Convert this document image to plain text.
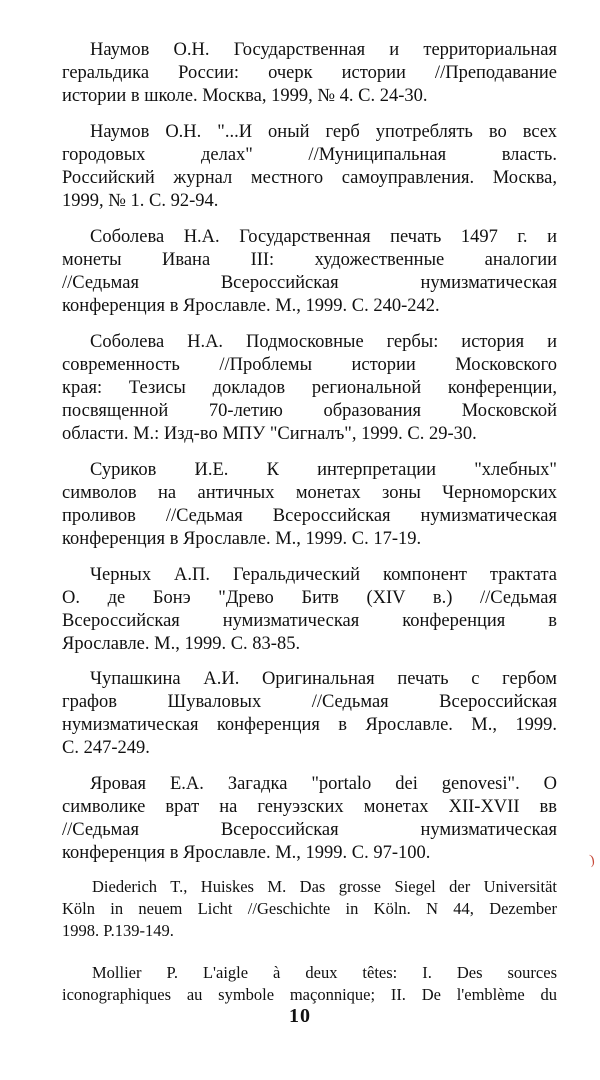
Наумов О.Н. Государственная и территориальная
геральдика России: очерк истории //Преподавание
истории в школе. Москва, 1999, № 4. С. 24-30.
Наумов О.Н. "...И оный герб употреблять во всех
городовых делах" //Муниципальная власть.
Российский журнал местного самоуправления. Москва,
1999, № 1. С. 92-94.
Соболева Н.А. Государственная печать 1497 г. и
монеты Ивана III: художественные аналогии
//Седьмая Всероссийская нумизматическая
конференция в Ярославле. М., 1999. С. 240-242.
Соболева Н.А. Подмосковные гербы: история и
современность //Проблемы истории Московского
края: Тезисы докладов региональной конференции,
посвященной 70-летию образования Московской
области. М.: Изд-во МПУ "Сигналъ", 1999. С. 29-30.
Суриков И.Е. К интерпретации "хлебных"
символов на античных монетах зоны Черноморских
проливов //Седьмая Всероссийская нумизматическая
конференция в Ярославле. М., 1999. С. 17-19.
Черных А.П. Геральдический компонент трактата
О. де Бонэ "Древо Битв (XIV в.) //Седьмая
Всероссийская нумизматическая конференция в
Ярославле. М., 1999. С. 83-85.
Чупашкина А.И. Оригинальная печать с гербом
графов Шуваловых //Седьмая Всероссийская
нумизматическая конференция в Ярославле. М., 1999.
С. 247-249.
Яровая Е.А. Загадка "portalo dei genovesi". О
символике врат на генуэзских монетах XII-XVII вв
//Седьмая Всероссийская нумизматическая
конференция в Ярославле. М., 1999. С. 97-100.
Diederich T., Huiskes M. Das grosse Siegel der Universität
Köln in neuem Licht //Geschichte in Köln. N 44, Dezember
1998. P.139-149.
Mollier P. L'aigle à deux têtes: I. Des sources
iconographiques au symbole maçonnique; II. De l'emblème du
10
)
